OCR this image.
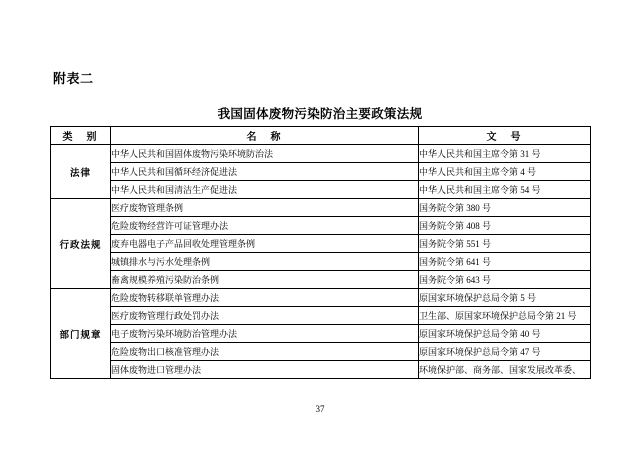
附表二
我国固体废物污染防治主要政策法规
类　别	名　称	文　号
法律	中华人民共和国固体废物污染环境防治法	中华人民共和国主席令第 31 号
	中华人民共和国循环经济促进法	中华人民共和国主席令第 4 号
	中华人民共和国清洁生产促进法	中华人民共和国主席令第 54 号
行政法规	医疗废物管理条例	国务院令第 380 号
	危险废物经营许可证管理办法	国务院令第 408 号
	废弃电器电子产品回收处理管理条例	国务院令第 551 号
	城镇排水与污水处理条例	国务院令第 641 号
	畜禽规模养殖污染防治条例	国务院令第 643 号
部门规章	危险废物转移联单管理办法	原国家环境保护总局令第 5 号
	医疗废物管理行政处罚办法	卫生部、原国家环境保护总局令第 21 号
	电子废物污染环境防治管理办法	原国家环境保护总局令第 40 号
	危险废物出口核准管理办法	原国家环境保护总局令第 47 号
	固体废物进口管理办法	环境保护部、商务部、国家发展改革委、
37
